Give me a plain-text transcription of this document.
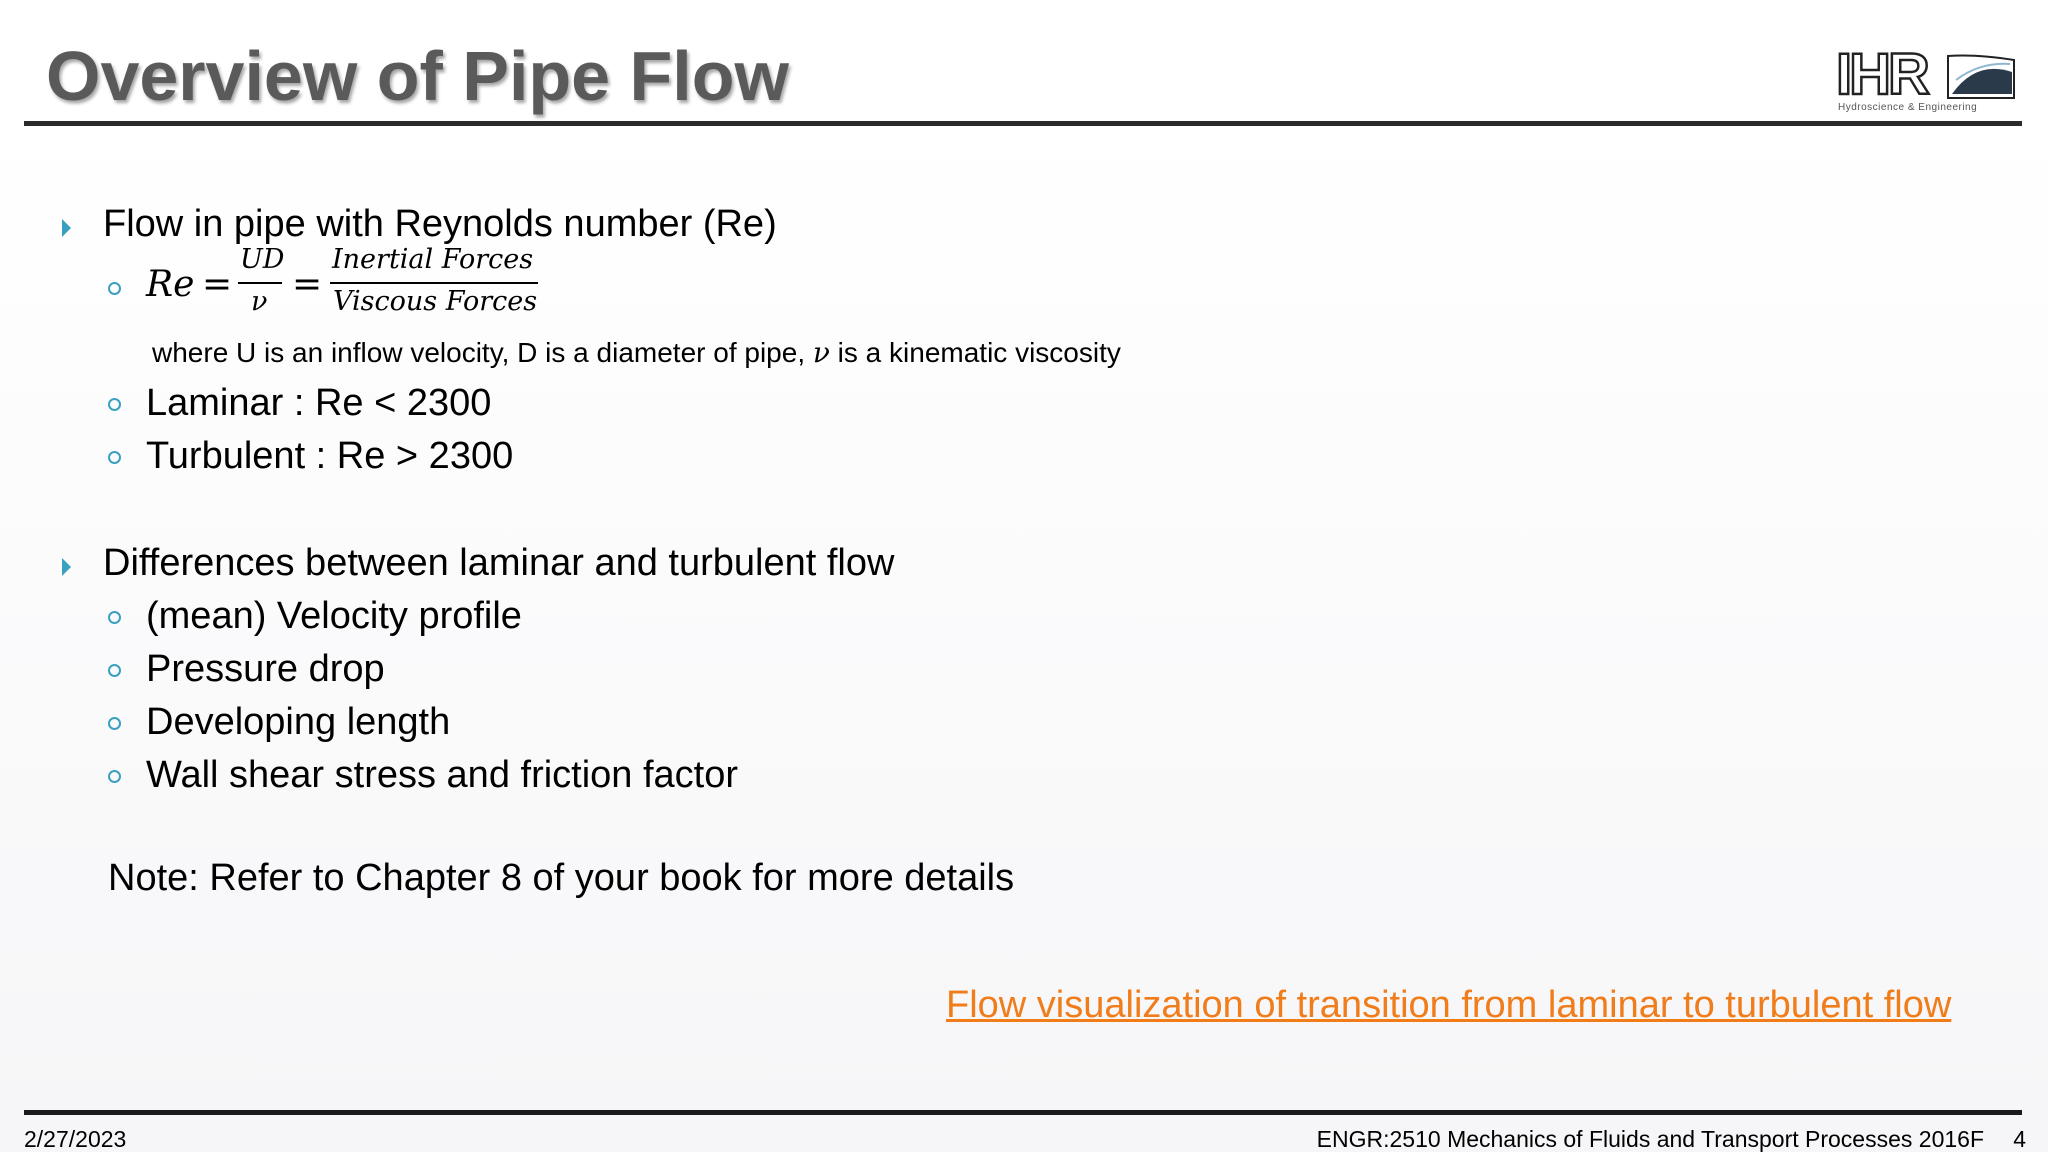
Overview of Pipe Flow	IHR
Hydroscience & Engineering
Flow in pipe with Reynolds number (Re)
Re =
UD
ν =
Inertial Forces
Viscous Forces
where U is an inflow velocity, D is a diameter of pipe, ν is a kinematic viscosity
Laminar : Re < 2300
Turbulent : Re > 2300
Differences between laminar and turbulent flow
(mean) Velocity profile
Pressure drop
Developing length
Wall shear stress and friction factor
Note: Refer to Chapter 8 of your book for more details
Flow visualization of transition from laminar to turbulent flow
2/27/2023	ENGR:2510 Mechanics of Fluids and Transport Processes 2016F 4
